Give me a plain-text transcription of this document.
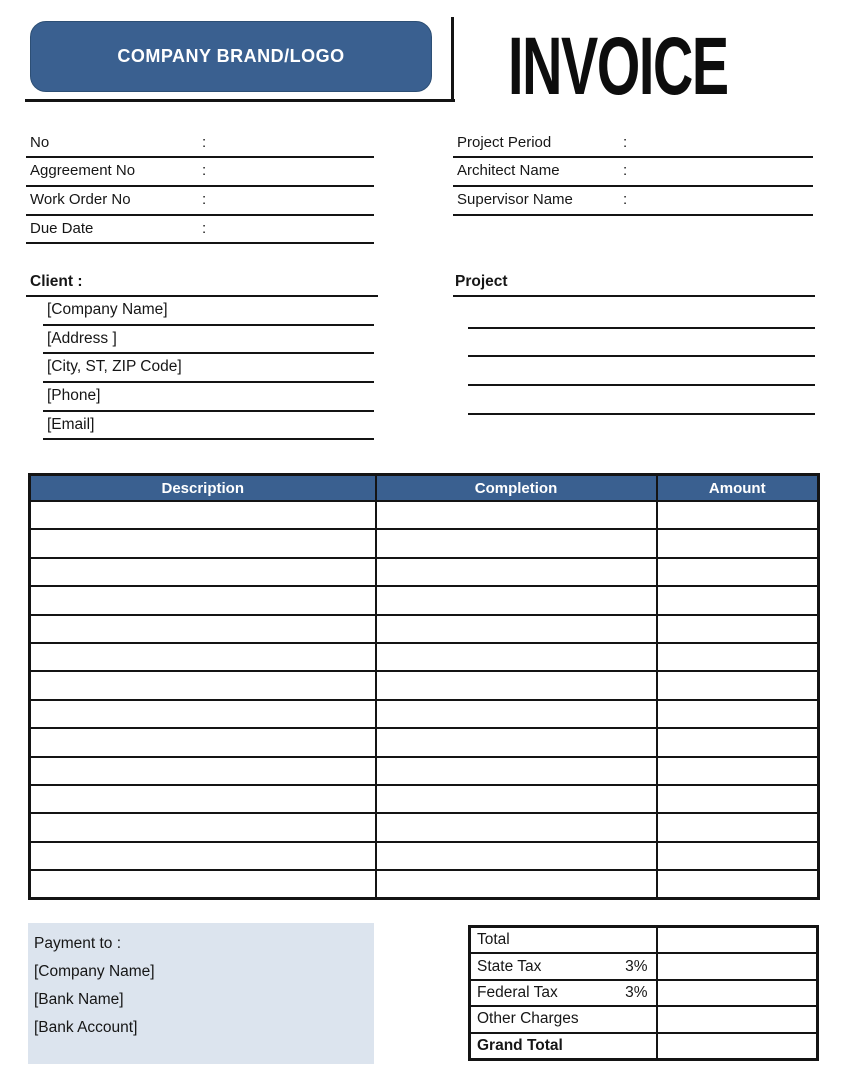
COMPANY BRAND/LOGO INVOICE
No	:
Aggreement No	:
Work Order No	:
Due Date	:
Project Period	:
Architect Name	:
Supervisor Name	:
Client :
[Company Name]
[Address ]
[City, ST, ZIP Code]
[Phone]
[Email]
Project
Description	Completion	Amount

Payment to :
[Company Name]
[Bank Name]
[Bank Account]
Total

State Tax 3%	

Federal Tax 3%	

Other Charges

Grand Total
